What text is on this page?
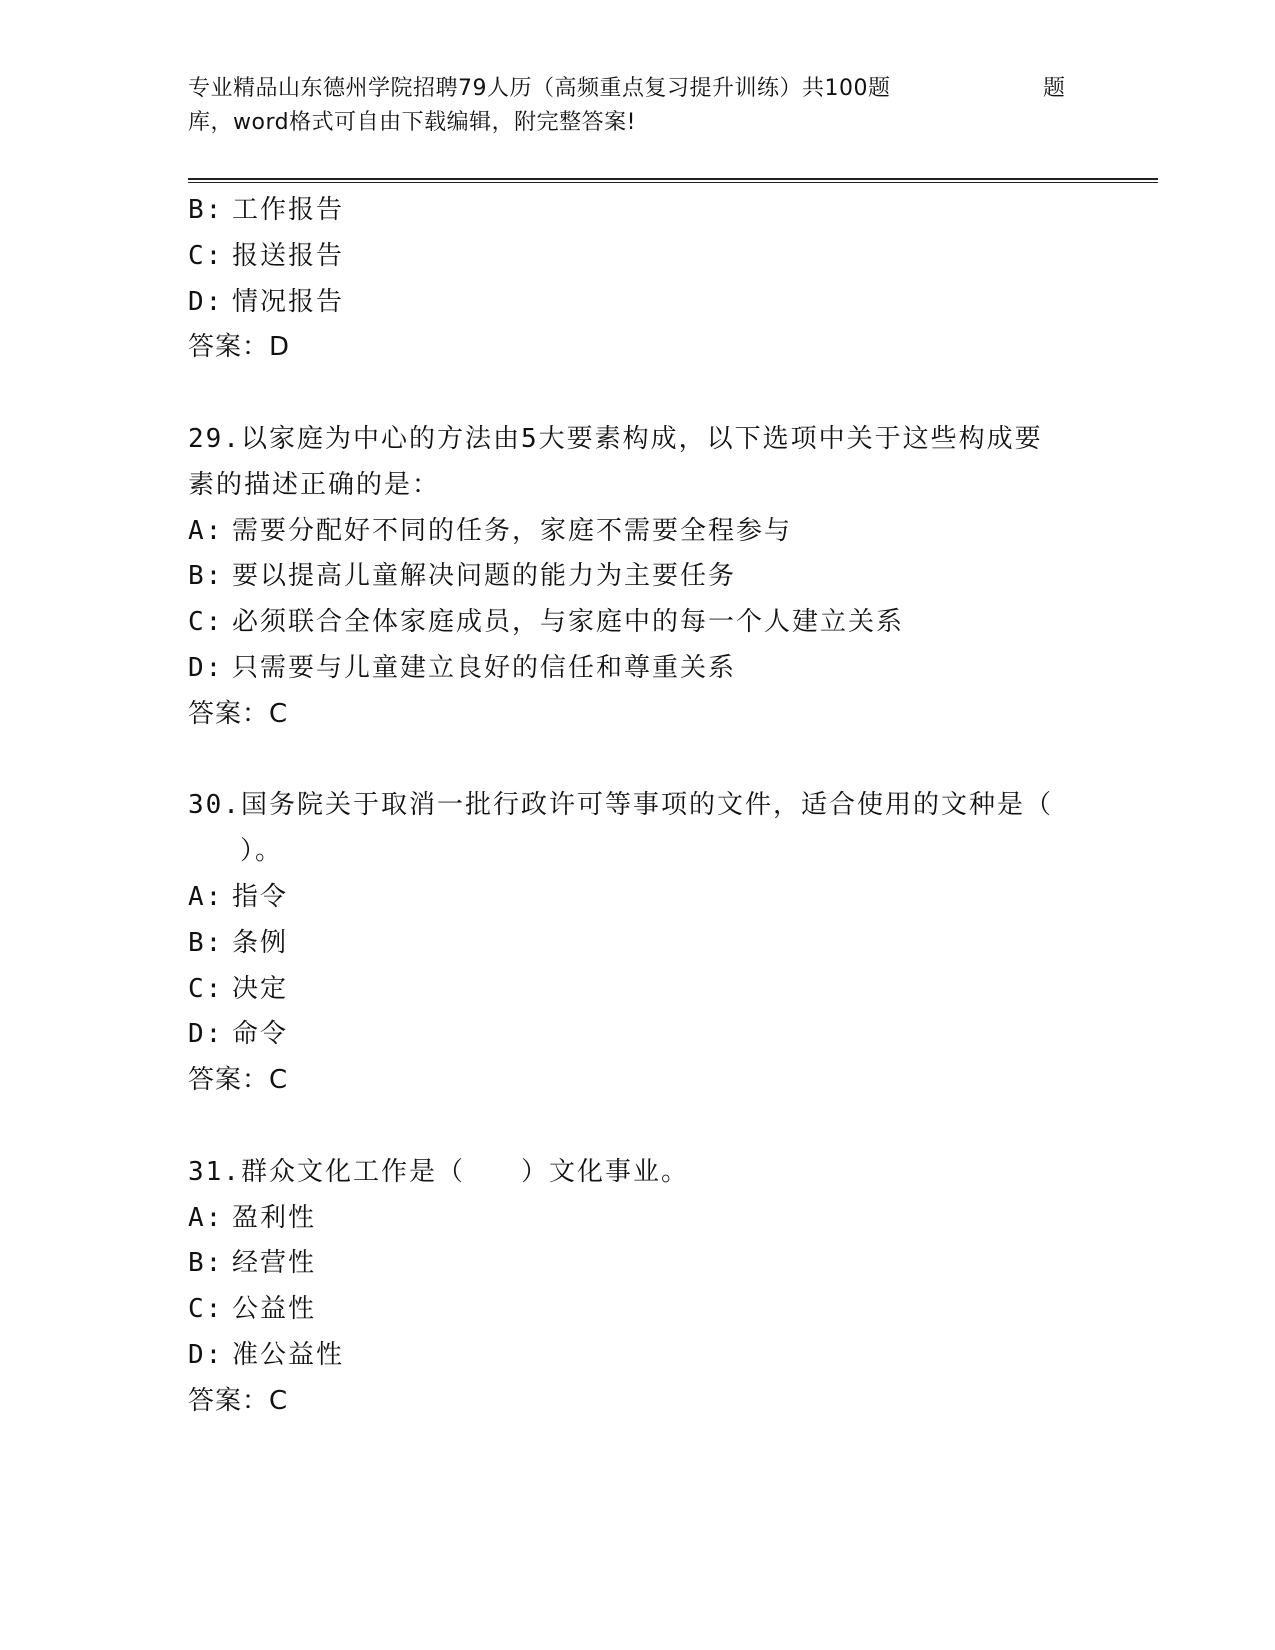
专业精品山东德州学院招聘79人历（高频重点复习提升训练）共100题	题
库，word格式可自由下载编辑，附完整答案!
B: 工作报告
C: 报送报告
D: 情况报告
答案：D
29.以家庭为中心的方法由5大要素构成，以下选项中关于这些构成要
素的描述正确的是：
A: 需要分配好不同的任务，家庭不需要全程参与
B: 要以提高儿童解决问题的能力为主要任务
C: 必须联合全体家庭成员，与家庭中的每一个人建立关系
D: 只需要与儿童建立良好的信任和尊重关系
答案：C
30.国务院关于取消一批行政许可等事项的文件，适合使用的文种是（
）。
A: 指令
B: 条例
C: 决定
D: 命令
答案：C
31.群众文化工作是（　　）文化事业。
A: 盈利性
B: 经营性
C: 公益性
D: 准公益性
答案：C
